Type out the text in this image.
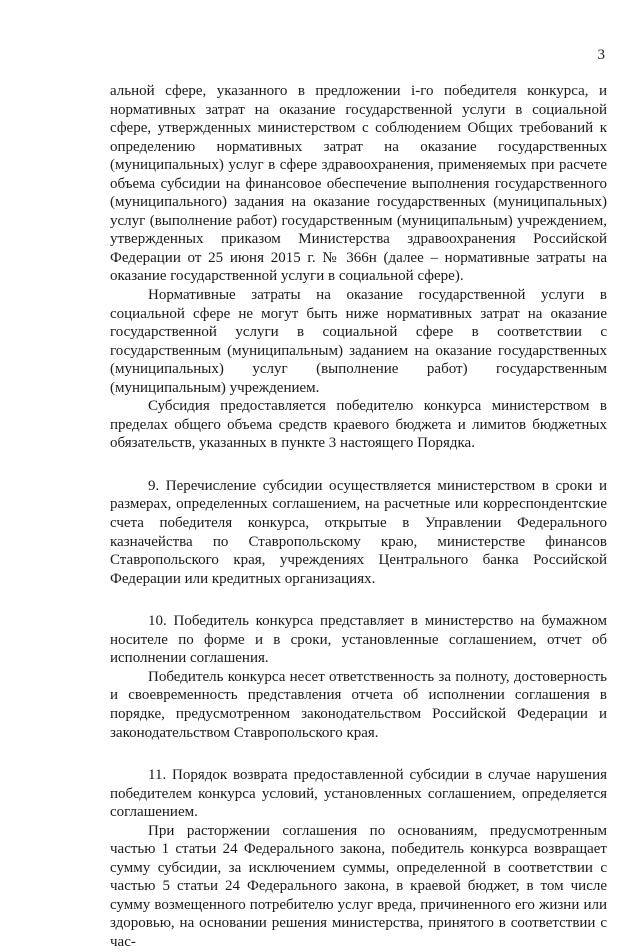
3

альной сфере, указанного в предложении i-го победителя конкурса, и нормативных затрат на оказание государственной услуги в социальной сфере, утвержденных министерством с соблюдением Общих требований к определению нормативных затрат на оказание государственных (муниципальных) услуг в сфере здравоохранения, применяемых при расчете объема субсидии на финансовое обеспечение выполнения государственного (муниципального) задания на оказание государственных (муниципальных) услуг (выполнение работ) государственным (муниципальным) учреждением, утвержденных приказом Министерства здравоохранения Российской Федерации от 25 июня 2015 г. № 366н (далее – нормативные затраты на оказание государственной услуги в социальной сфере).

Нормативные затраты на оказание государственной услуги в социальной сфере не могут быть ниже нормативных затрат на оказание государственной услуги в социальной сфере в соответствии с государственным (муниципальным) заданием на оказание государственных (муниципальных) услуг (выполнение работ) государственным (муниципальным) учреждением.

Субсидия предоставляется победителю конкурса министерством в пределах общего объема средств краевого бюджета и лимитов бюджетных обязательств, указанных в пункте 3 настоящего Порядка.

9. Перечисление субсидии осуществляется министерством в сроки и размерах, определенных соглашением, на расчетные или корреспондентские счета победителя конкурса, открытые в Управлении Федерального казначейства по Ставропольскому краю, министерстве финансов Ставропольского края, учреждениях Центрального банка Российской Федерации или кредитных организациях.

10. Победитель конкурса представляет в министерство на бумажном носителе по форме и в сроки, установленные соглашением, отчет об исполнении соглашения.

Победитель конкурса несет ответственность за полноту, достоверность и своевременность представления отчета об исполнении соглашения в порядке, предусмотренном законодательством Российской Федерации и законодательством Ставропольского края.

11. Порядок возврата предоставленной субсидии в случае нарушения победителем конкурса условий, установленных соглашением, определяется соглашением.

При расторжении соглашения по основаниям, предусмотренным частью 1 статьи 24 Федерального закона, победитель конкурса возвращает сумму субсидии, за исключением суммы, определенной в соответствии с частью 5 статьи 24 Федерального закона, в краевой бюджет, в том числе сумму возмещенного потребителю услуг вреда, причиненного его жизни или здоровью, на основании решения министерства, принятого в соответствии с час-
